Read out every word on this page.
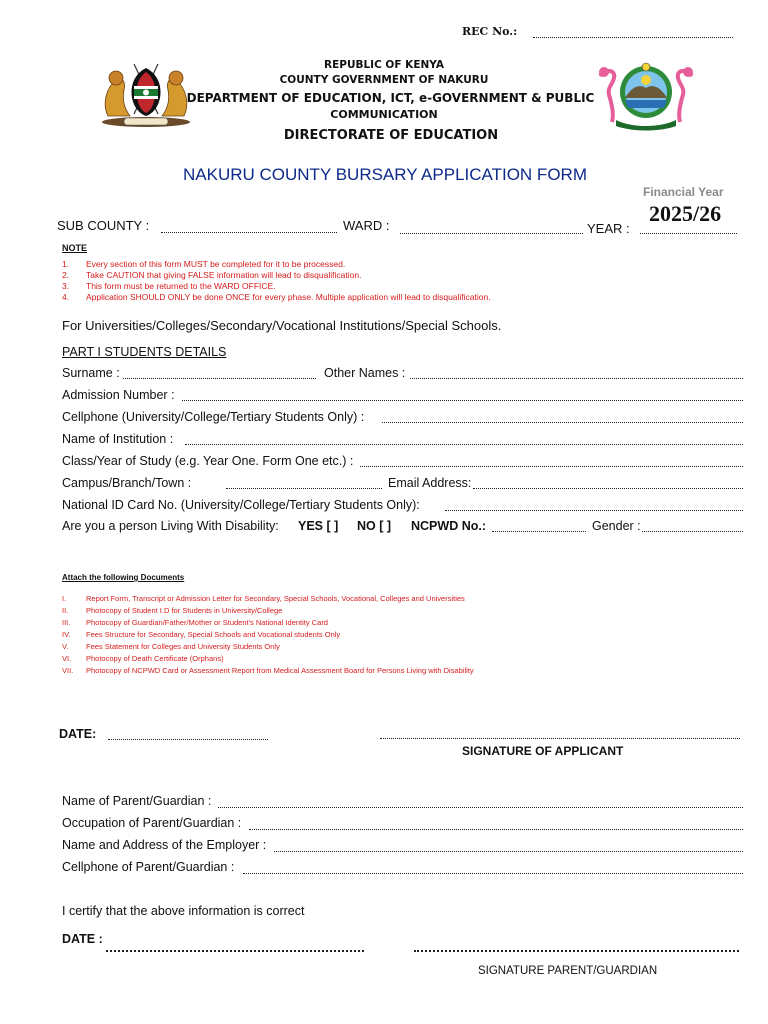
REC No.:
REPUBLIC OF KENYA
COUNTY GOVERNMENT OF NAKURU
DEPARTMENT OF EDUCATION, ICT, e-GOVERNMENT & PUBLIC
COMMUNICATION
DIRECTORATE OF EDUCATION
NAKURU COUNTY BURSARY APPLICATION FORM
Financial Year
2025/26
SUB COUNTY :	WARD :	YEAR :
NOTE
1. Every section of this form MUST be completed for it to be processed.
2. Take CAUTION that giving FALSE information will lead to disqualification.
3. This form must be returned to the WARD OFFICE.
4. Application SHOULD ONLY be done ONCE for every phase. Multiple application will lead to disqualification.
For Universities/Colleges/Secondary/Vocational Institutions/Special Schools.
PART I STUDENTS DETAILS
Surname :	Other Names :
Admission Number :
Cellphone (University/College/Tertiary Students Only) :
Name of Institution :
Class/Year of Study (e.g. Year One. Form One etc.) :
Campus/Branch/Town :	Email Address:
National ID Card No. (University/College/Tertiary Students Only):
Are you a person Living With Disability: YES [ ] NO [ ] NCPWD No.:	Gender :
Attach the following Documents
I.	Report Form, Transcript or Admission Letter for Secondary, Special Schools, Vocational, Colleges and Universities
II. Photocopy of Student I.D for Students in University/College
III. Photocopy of Guardian/Father/Mother or Student's National Identity Card
IV. Fees Structure for Secondary, Special Schools and Vocational students Only
V. Fees Statement for Colleges and University Students Only
VI. Photocopy of Death Certificate (Orphans)
VII. Photocopy of NCPWD Card or Assessment Report from Medical Assessment Board for Persons Living with Disability
DATE:
SIGNATURE OF APPLICANT
Name of Parent/Guardian :
Occupation of Parent/Guardian :
Name and Address of the Employer :
Cellphone of Parent/Guardian :
I certify that the above information is correct
DATE :
SIGNATURE PARENT/GUARDIAN
